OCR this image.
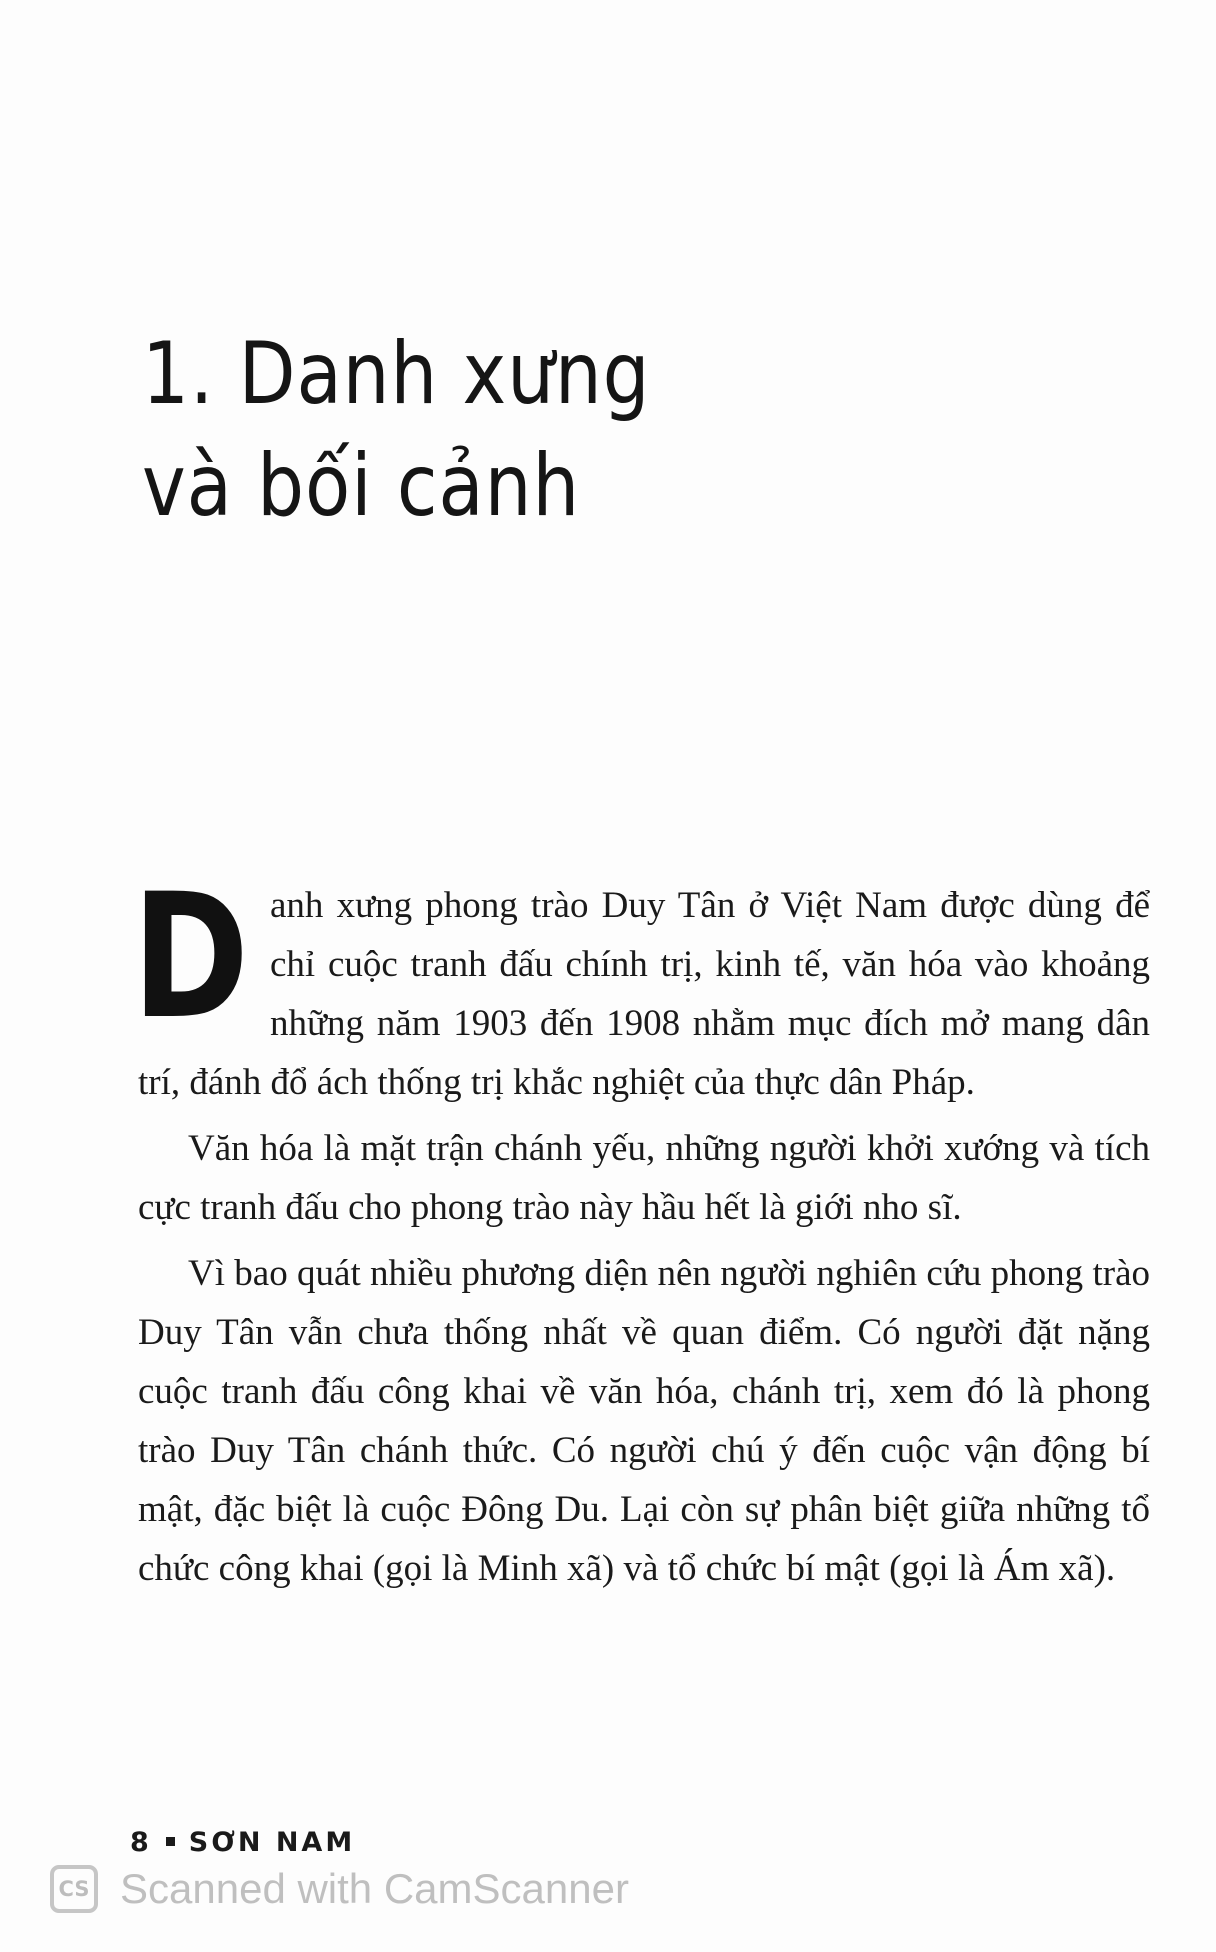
1. Danh xưng
và bối cảnh

Danh xưng phong trào Duy Tân ở Việt Nam được dùng để chỉ cuộc tranh đấu chính trị, kinh tế, văn hóa vào khoảng những năm 1903 đến 1908 nhằm mục đích mở mang dân trí, đánh đổ ách thống trị khắc nghiệt của thực dân Pháp.

Văn hóa là mặt trận chánh yếu, những người khởi xướng và tích cực tranh đấu cho phong trào này hầu hết là giới nho sĩ.

Vì bao quát nhiều phương diện nên người nghiên cứu phong trào Duy Tân vẫn chưa thống nhất về quan điểm. Có người đặt nặng cuộc tranh đấu công khai về văn hóa, chánh trị, xem đó là phong trào Duy Tân chánh thức. Có người chú ý đến cuộc vận động bí mật, đặc biệt là cuộc Đông Du. Lại còn sự phân biệt giữa những tổ chức công khai (gọi là Minh xã) và tổ chức bí mật (gọi là Ám xã).

8 SƠN NAM
CS Scanned with CamScanner
